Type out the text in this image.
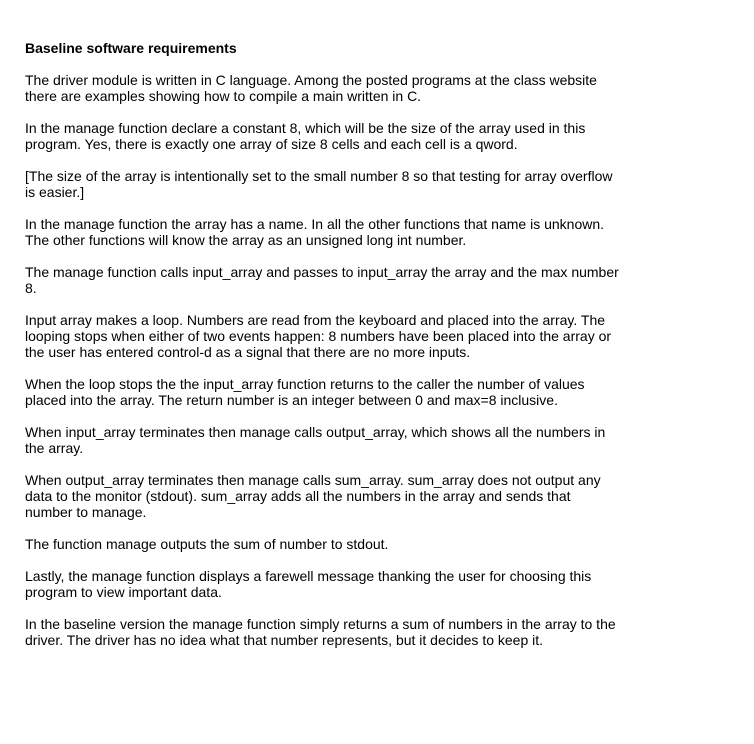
Baseline software requirements
The driver module is written in C language. Among the posted programs at the class website
there are examples showing how to compile a main written in C.
In the manage function declare a constant 8, which will be the size of the array used in this
program. Yes, there is exactly one array of size 8 cells and each cell is a qword.
[The size of the array is intentionally set to the small number 8 so that testing for array overflow
is easier.]
In the manage function the array has a name. In all the other functions that name is unknown.
The other functions will know the array as an unsigned long int number.
The manage function calls input_array and passes to input_array the array and the max number
8.
Input array makes a loop. Numbers are read from the keyboard and placed into the array. The
looping stops when either of two events happen: 8 numbers have been placed into the array or
the user has entered control-d as a signal that there are no more inputs.
When the loop stops the the input_array function returns to the caller the number of values
placed into the array. The return number is an integer between 0 and max=8 inclusive.
When input_array terminates then manage calls output_array, which shows all the numbers in
the array.
When output_array terminates then manage calls sum_array. sum_array does not output any
data to the monitor (stdout). sum_array adds all the numbers in the array and sends that
number to manage.
The function manage outputs the sum of number to stdout.
Lastly, the manage function displays a farewell message thanking the user for choosing this
program to view important data.
In the baseline version the manage function simply returns a sum of numbers in the array to the
driver. The driver has no idea what that number represents, but it decides to keep it.
